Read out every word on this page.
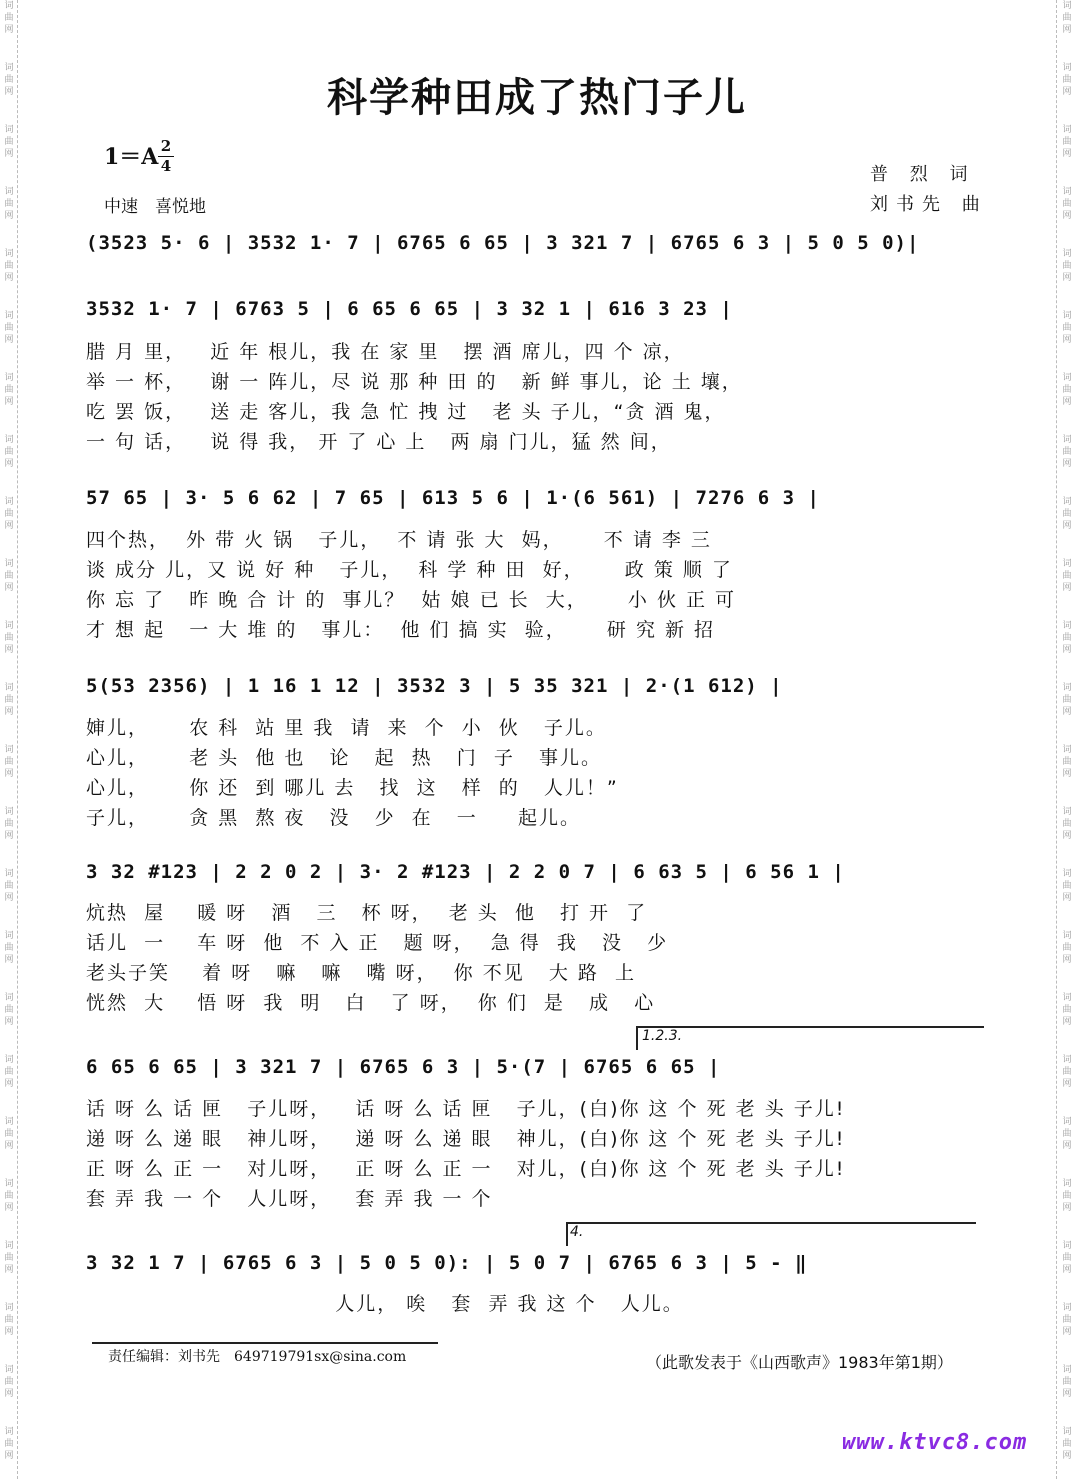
词
曲
网
词
曲
网
词
曲
网
词
曲
网
词
曲
网
词
曲
网
词
曲
网
词
曲
网
词
曲
网
词
曲
网
词
曲
网
词
曲
网
词
曲
网
词
曲
网
词
曲
网
词
曲
网
词
曲
网
词
曲
网
词
曲
网
词
曲
网
词
曲
网
词
曲
网
词
曲
网
词
曲
网
词
曲
网
词
曲
网
词
曲
网
词
曲
网
词
曲
网
词
曲
网
词
曲
网
词
曲
网
词
曲
网
词
曲
网
词
曲
网
词
曲
网
词
曲
网
词
曲
网
词
曲
网
词
曲
网
词
曲
网
词
曲
网
词
曲
网
词
曲
网
词
曲
网
词
曲
网
词
曲
网
词
曲
网
科学种田成了热门子儿
1＝A 2
4
中速　喜悦地
普 烈 词
刘书先 曲
(3523 5· 6 | 3532 1· 7 | 6765 6 65 | 3 321 7 | 6765 6 3 | 5 0 5 0)|
3532 1· 7 | 6763 5 | 6 65 6 65 | 3 32 1 | 616 3 23 |
腊 月 里，   近 年 根儿，我 在 家 里   摆 酒 席儿，四 个 凉，
举 一 杯，   谢 一 阵儿，尽 说 那 种 田 的   新 鲜 事儿，论 土 壤，
吃 罢 饭，   送 走 客儿，我 急 忙 拽 过   老 头 子儿，“贪 酒 鬼，
一 句 话，   说 得 我， 开 了 心 上   两 扇 门儿，猛 然 间，
57 65 | 3· 5 6 62 | 7 65 | 613 5 6 | 1·(6 561) | 7276 6 3 |
四个热，  外 带 火 锅   子儿，  不 请 张 大  妈，     不 请 李 三
谈 成分 儿，又 说 好 种   子儿，  科 学 种 田  好，     政 策 顺 了
你 忘 了   昨 晚 合 计 的  事儿？  姑 娘 已 长  大，     小 伙 正 可
才 想 起   一 大 堆 的   事儿：  他 们 搞 实  验，     研 究 新 招
5(53 2356) | 1 16 1 12 | 3532 3 | 5 35 321 | 2·(1 612) |
婶儿，     农 科  站 里 我  请  来  个  小  伙   子儿。
心儿，     老 头  他 也   论   起  热   门  子   事儿。
心儿，     你 还  到 哪儿 去   找  这   样  的   人儿！”
子儿，     贪 黑  熬 夜   没   少  在   一     起儿。
3 32 #123 | 2 2 0 2 | 3· 2 #123 | 2 2 0 7 | 6 63 5 | 6 56 1 |
炕热  屋    暖 呀   酒   三   杯 呀，  老 头  他   打 开  了
话儿  一    车 呀  他  不 入 正   题 呀，  急 得  我   没   少
老头子笑    着 呀   嘛   嘛   嘴 呀，  你 不见   大 路  上
恍然  大    悟 呀  我  明   白   了 呀，  你 们  是   成   心
1.2.3.
6 65 6 65 | 3 321 7 | 6765 6 3 | 5·(7 | 6765 6 65 |
话 呀 么 话 匣   子儿呀，   话 呀 么 话 匣   子儿，(白)你 这 个 死 老 头 子儿!
递 呀 么 递 眼   神儿呀，   递 呀 么 递 眼   神儿，(白)你 这 个 死 老 头 子儿!
正 呀 么 正 一   对儿呀，   正 呀 么 正 一   对儿，(白)你 这 个 死 老 头 子儿!
套 弄 我 一 个   人儿呀，   套 弄 我 一 个
4.
3 32 1 7 | 6765 6 3 | 5 0 5 0): | 5 0 7 | 6765 6 3 | 5 - ‖
人儿， 唉   套  弄 我 这 个   人儿。
责任编辑：刘书先　649719791sx@sina.com	（此歌发表于《山西歌声》1983年第1期）
www.ktvc8.com
